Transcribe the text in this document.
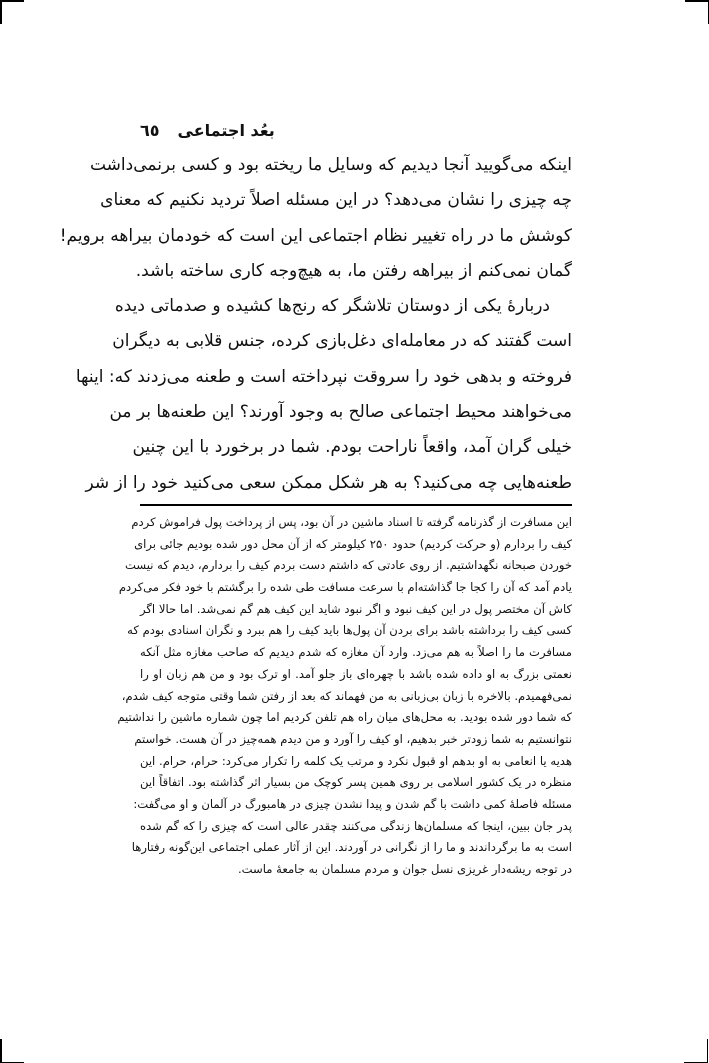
٦٥ بعُد اجتماعی
اینکه می‌گویید آنجا دیدیم که وسایل ما ریخته بود و کسی برنمی‌داشت
چه چیزی را نشان می‌دهد؟ در این مسئله اصلاً تردید نکنیم که معنای
کوشش ما در راه تغییر نظام اجتماعی این است که خودمان بیراهه برویم!
گمان نمی‌کنم از بیراهه رفتن ما، به هیچ‌وجه کاری ساخته باشد.
دربارهٔ یکی از دوستان تلاشگر که رنج‌ها کشیده و صدماتی دیده
است گفتند که در معامله‌ای دغل‌بازی کرده، جنس قلابی به دیگران
فروخته و بدهی خود را سروقت نپرداخته است و طعنه می‌زدند که: اینها
می‌خواهند محیط اجتماعی صالح به وجود آورند؟ این طعنه‌ها بر من
خیلی گران آمد، واقعاً ناراحت بودم. شما در برخورد با این چنین
طعنه‌هایی چه می‌کنید؟ به هر شکل ممکن سعی می‌کنید خود را از شر
این مسافرت از گذرنامه گرفته تا اسناد ماشین در آن بود، پس از پرداخت پول فراموش کردم
کیف را بردارم (و حرکت کردیم) حدود ۲۵۰ کیلومتر که از آن محل دور شده بودیم جائی برای
خوردن صبحانه نگهداشتیم. از روی عادتی که داشتم دست بردم کیف را بردارم، دیدم که نیست
یادم آمد که آن را کجا جا گذاشته‌ام با سرعت مسافت طی شده را برگشتم با خود فکر می‌کردم
کاش آن مختصر پول در این کیف نبود و اگر نبود شاید این کیف هم گم نمی‌شد. اما حالا اگر
کسی کیف را برداشته باشد برای بردن آن پول‌ها باید کیف را هم ببرد و نگران اسنادی بودم که
مسافرت ما را اصلاً به هم می‌زد. وارد آن مغازه که شدم دیدیم که صاحب مغازه مثل آنکه
نعمتی بزرگ به او داده شده باشد با چهره‌ای باز جلو آمد. او ترک بود و من هم زبان او را
نمی‌فهمیدم. بالاخره با زبان بی‌زبانی به من فهماند که بعد از رفتن شما وقتی متوجه کیف شدم،
که شما دور شده بودید. به محل‌های میان راه هم تلفن کردیم اما چون شماره ماشین را نداشتیم
نتوانستیم به شما زودتر خبر بدهیم، او کیف را آورد و من دیدم همه‌چیز در آن هست. خواستم
هدیه یا انعامی به او بدهم او قبول نکرد و مرتب یک کلمه را تکرار می‌کرد: حرام، حرام. این
منظره در یک کشور اسلامی بر روی همین پسر کوچک من بسیار اثر گذاشته بود. اتفاقاً این
مسئله فاصلهٔ کمی داشت با گم شدن و پیدا نشدن چیزی در هامبورگ در آلمان و او می‌گفت:
پدر جان ببین، اینجا که مسلمان‌ها زندگی می‌کنند چقدر عالی است که چیزی را که گم شده
است به ما برگرداندند و ما را از نگرانی در آوردند. این از آثار عملی اجتماعی این‌گونه رفتارها
در توجه ریشه‌دار غریزی نسل جوان و مردم مسلمان به جامعهٔ ماست.
